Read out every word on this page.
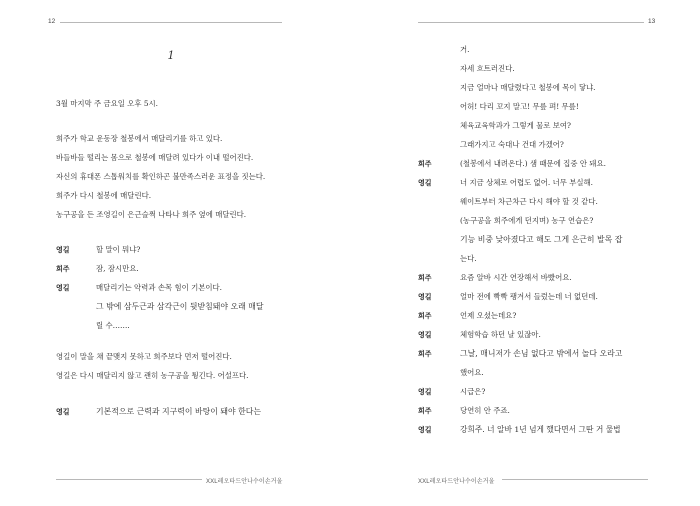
12
1
3월 마지막 주 금요일 오후 5시.
희주가 학교 운동장 철봉에서 매달리기를 하고 있다.
바들바들 떨리는 몸으로 철봉에 매달려 있다가 이내 떨어진다.
자신의 휴대폰 스톱워치를 확인하곤 불만족스러운 표정을 짓는다.
희주가 다시 철봉에 매달린다.
농구공을 든 조영길이 은근슬쩍 나타나 희주 옆에 매달린다.
영길	할 말이 뭐냐?
희주	잠, 잠시만요.
영길	매달리기는 악력과 손목 힘이 기본이다.
그 밖에 삼두근과 삼각근이 뒷받침돼야 오래 매달
릴 수…….
영길이 말을 채 끝맺지 못하고 희주보다 먼저 떨어진다.
영길은 다시 매달리지 않고 괜히 농구공을 튕긴다. 어설프다.
영길	기본적으로 근력과 지구력이 바탕이 돼야 한다는
XXL레오타드안나수이손거울
13
거.
자세 흐트러진다.
지금 얼마나 매달렸다고 철봉에 목이 닿냐.
어허! 다리 꼬지 말고! 무릎 펴! 무릎!
체육교육학과가 그렇게 물로 보여?
그래가지고 숙대나 건대 가겠어?
희주	(철봉에서 내려온다.) 샘 때문에 집중 안 돼요.
영길	너 지금 상체로 어렵도 없어. 너무 부실해.
웨이트부터 차근차근 다시 해야 할 것 같다.
(농구공을 희주에게 던지며) 농구 연습은?
기능 비중 낮아졌다고 해도 그게 은근히 발목 잡
는다.
희주	요즘 알바 시간 연장해서 바빴어요.
영길	얼마 전에 빡빡 팽겨서 들렀는데 너 없던데.
희주	언제 오셨는데요?
영길	체험학습 하던 날 있잖아.
희주	그날, 매니저가 손님 없다고 밖에서 놀다 오라고
했어요.
영길	시급은?
희주	당연히 안 주죠.
영길	강희주. 너 알바 1년 넘게 했다면서 그딴 거 물법
XXL레오타드안나수이손거울
